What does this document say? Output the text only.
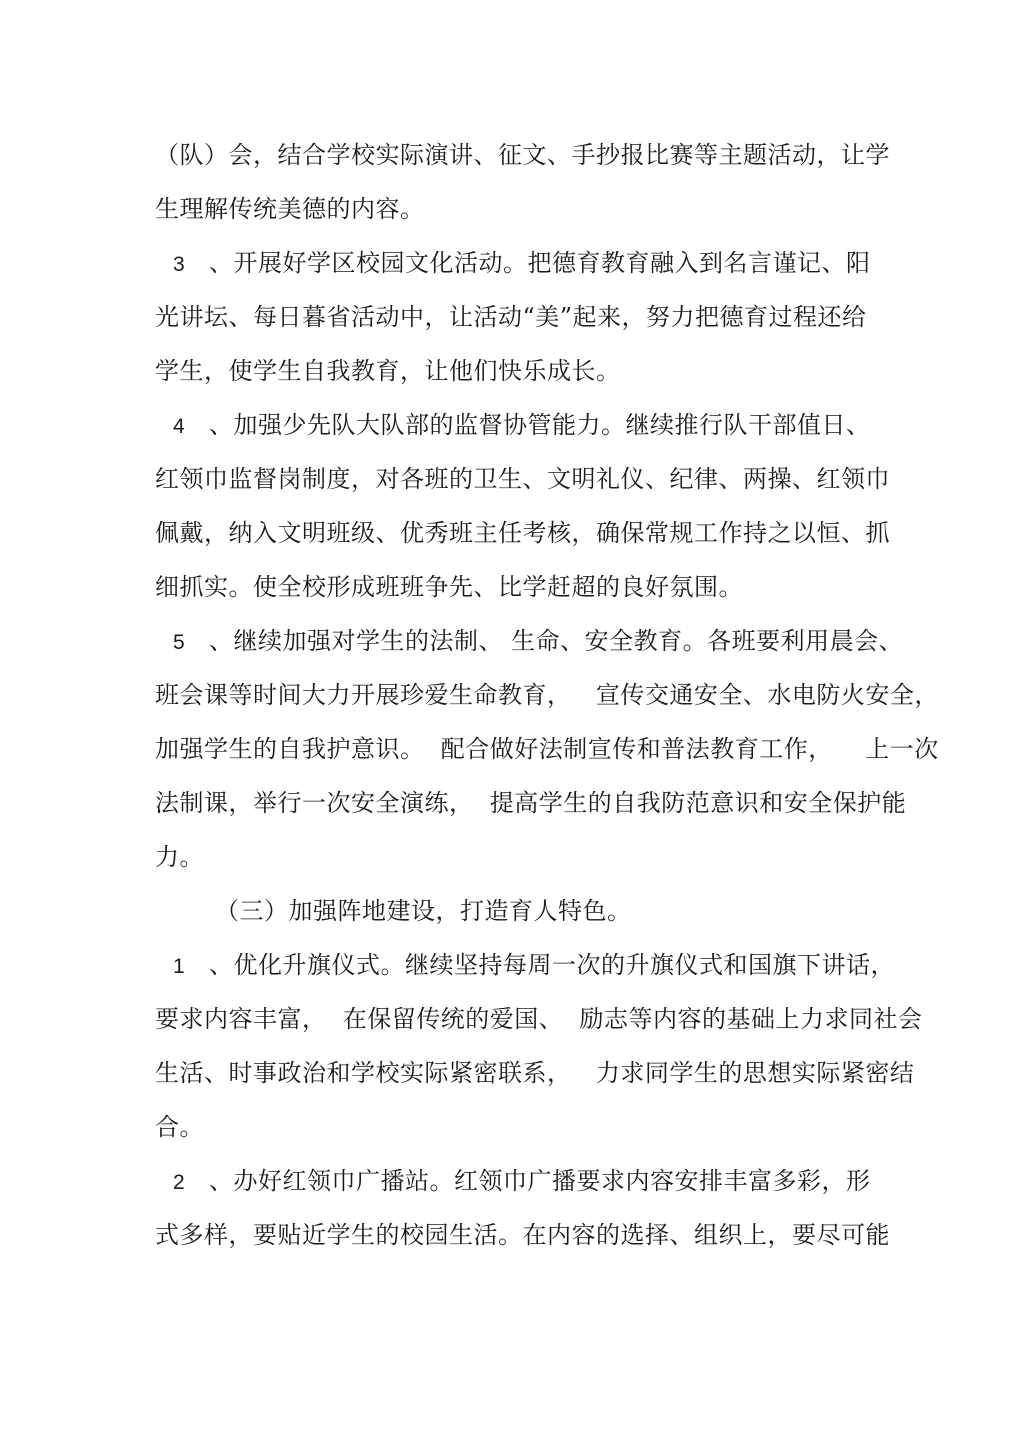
（队）会，结合学校实际演讲、征文、手抄报比赛等主题活动，让学
生理解传统美德的内容。
3 、开展好学区校园文化活动。把德育教育融入到名言谨记、阳
光讲坛、每日暮省活动中，让活动“美”起来，努力把德育过程还给
学生，使学生自我教育，让他们快乐成长。
4 、加强少先队大队部的监督协管能力。继续推行队干部值日、
红领巾监督岗制度，对各班的卫生、文明礼仪、纪律、两操、红领巾
佩戴，纳入文明班级、优秀班主任考核，确保常规工作持之以恒、抓
细抓实。使全校形成班班争先、比学赶超的良好氛围。
5 、继续加强对学生的法制、 生命、安全教育。各班要利用晨会、
班会课等时间大力开展珍爱生命教育，   宣传交通安全、水电防火安全，
加强学生的自我护意识。  配合做好法制宣传和普法教育工作，    上一次
法制课，举行一次安全演练，  提高学生的自我防范意识和安全保护能
力。
（三）加强阵地建设，打造育人特色。
1 、优化升旗仪式。继续坚持每周一次的升旗仪式和国旗下讲话，
要求内容丰富，  在保留传统的爱国、  励志等内容的基础上力求同社会
生活、时事政治和学校实际紧密联系，   力求同学生的思想实际紧密结
合。
2 、办好红领巾广播站。红领巾广播要求内容安排丰富多彩，形
式多样，要贴近学生的校园生活。在内容的选择、组织上，要尽可能
